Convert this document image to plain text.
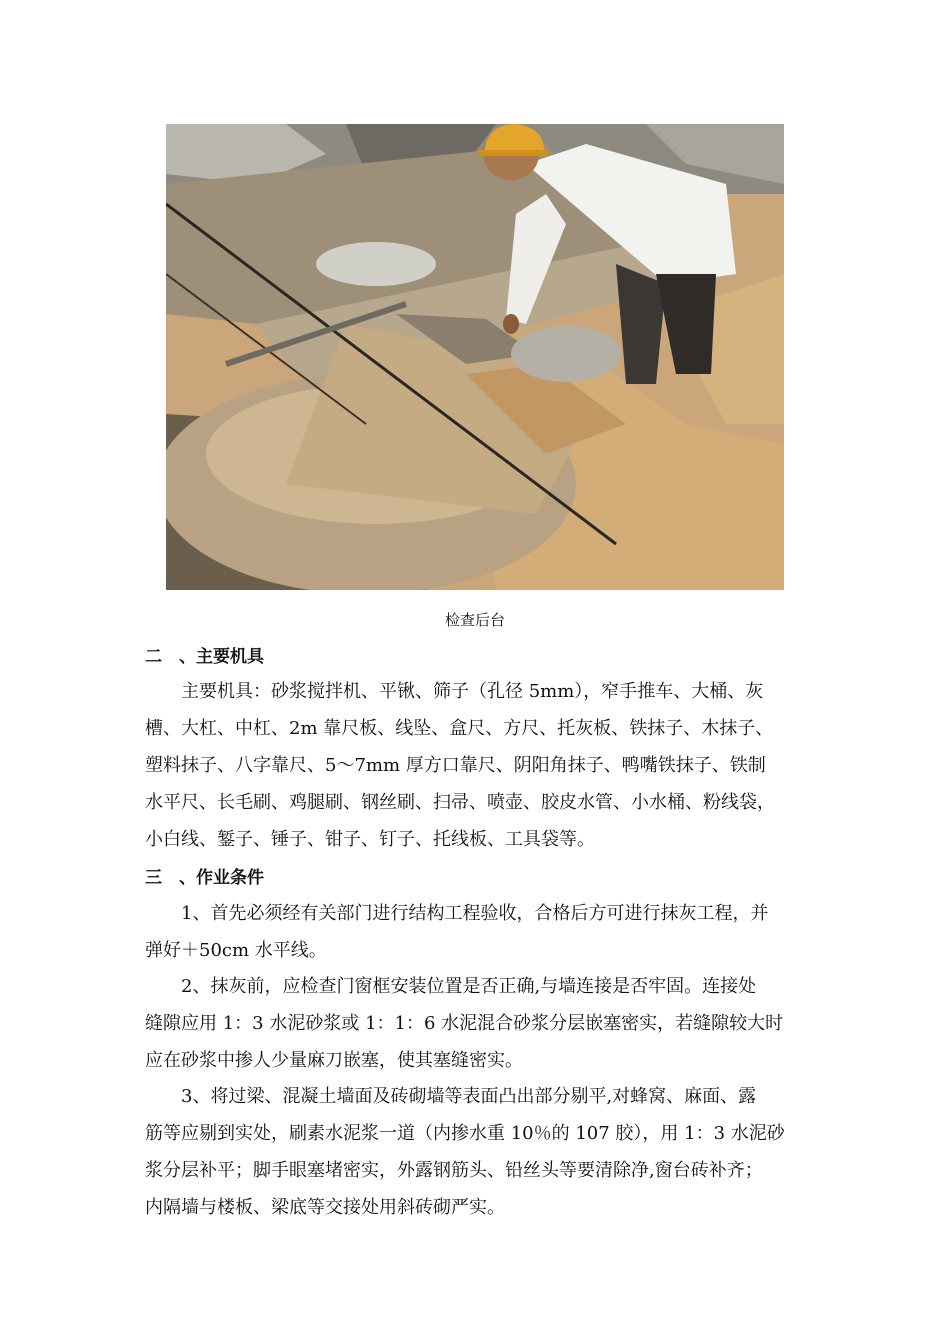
检查后台
二　、主要机具
主要机具：砂浆搅拌机、平锹、筛子（孔径 5mm），窄手推车、大桶、灰
槽、大杠、中杠、2m 靠尺板、线坠、盒尺、方尺、托灰板、铁抹子、木抹子、
塑料抹子、八字靠尺、5～7mm 厚方口靠尺、阴阳角抹子、鸭嘴铁抹子、铁制
水平尺、长毛刷、鸡腿刷、钢丝刷、扫帚、喷壶、胶皮水管、小水桶、粉线袋，
小白线、錾子、锤子、钳子、钉子、托线板、工具袋等。
三　、作业条件
1、首先必须经有关部门进行结构工程验收，合格后方可进行抹灰工程，并
弹好＋50cm 水平线。
2、抹灰前，应检查门窗框安装位置是否正确,与墙连接是否牢固。连接处
缝隙应用 1：3 水泥砂浆或 1：1：6 水泥混合砂浆分层嵌塞密实，若缝隙较大时
应在砂浆中掺人少量麻刀嵌塞，使其塞缝密实。
3、将过梁、混凝土墙面及砖砌墙等表面凸出部分剔平,对蜂窝、麻面、露
筋等应剔到实处，刷素水泥浆一道（内掺水重 10％的 107 胶），用 1：3 水泥砂
浆分层补平；脚手眼塞堵密实，外露钢筋头、铅丝头等要清除净,窗台砖补齐；
内隔墙与楼板、梁底等交接处用斜砖砌严实。
